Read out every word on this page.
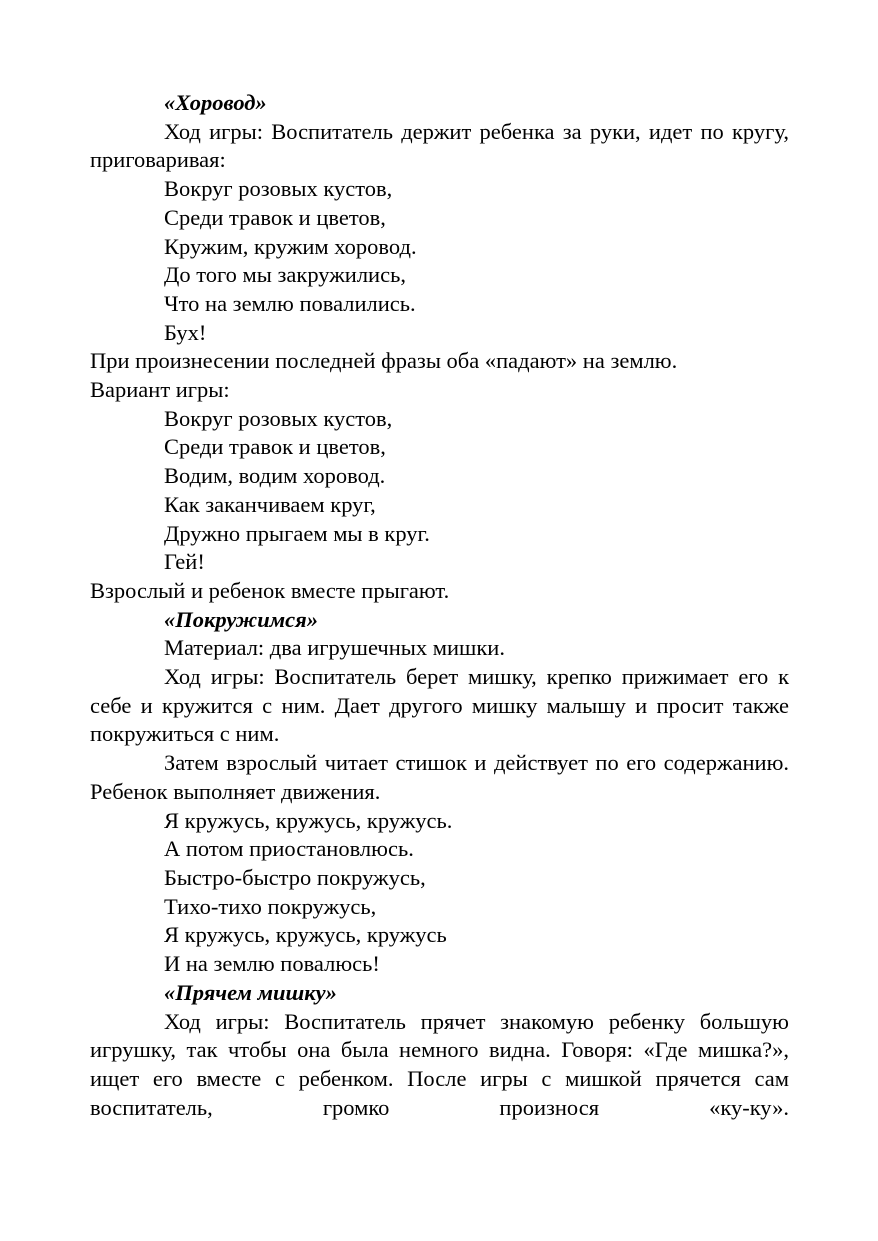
«Хоровод»

Ход игры: Воспитатель держит ребенка за руки, идет по кругу, приговаривая:

Вокруг розовых кустов,
Среди травок и цветов,
Кружим, кружим хоровод.
До того мы закружились,
Что на землю повалились.
Бух!
При произнесении последней фразы оба «падают» на землю.
Вариант игры:
Вокруг розовых кустов,
Среди травок и цветов,
Водим, водим хоровод.
Как заканчиваем круг,
Дружно прыгаем мы в круг.
Гей!
Взрослый и ребенок вместе прыгают.
«Покружимся»
Материал: два игрушечных мишки.

Ход игры: Воспитатель берет мишку, крепко прижимает его к себе и кружится с ним. Дает другого мишку малышу и просит также покружиться с ним.

Затем взрослый читает стишок и действует по его содержанию. Ребенок выполняет движения.

Я кружусь, кружусь, кружусь.
А потом приостановлюсь.
Быстро-быстро покружусь,
Тихо-тихо покружусь,
Я кружусь, кружусь, кружусь
И на землю повалюсь!
«Прячем мишку»

Ход игры: Воспитатель прячет знакомую ребенку большую игрушку, так чтобы она была немного видна. Говоря: «Где мишка?», ищет его вместе с ребенком. После игры с мишкой прячется сам воспитатель, громко произнося «ку-ку».
